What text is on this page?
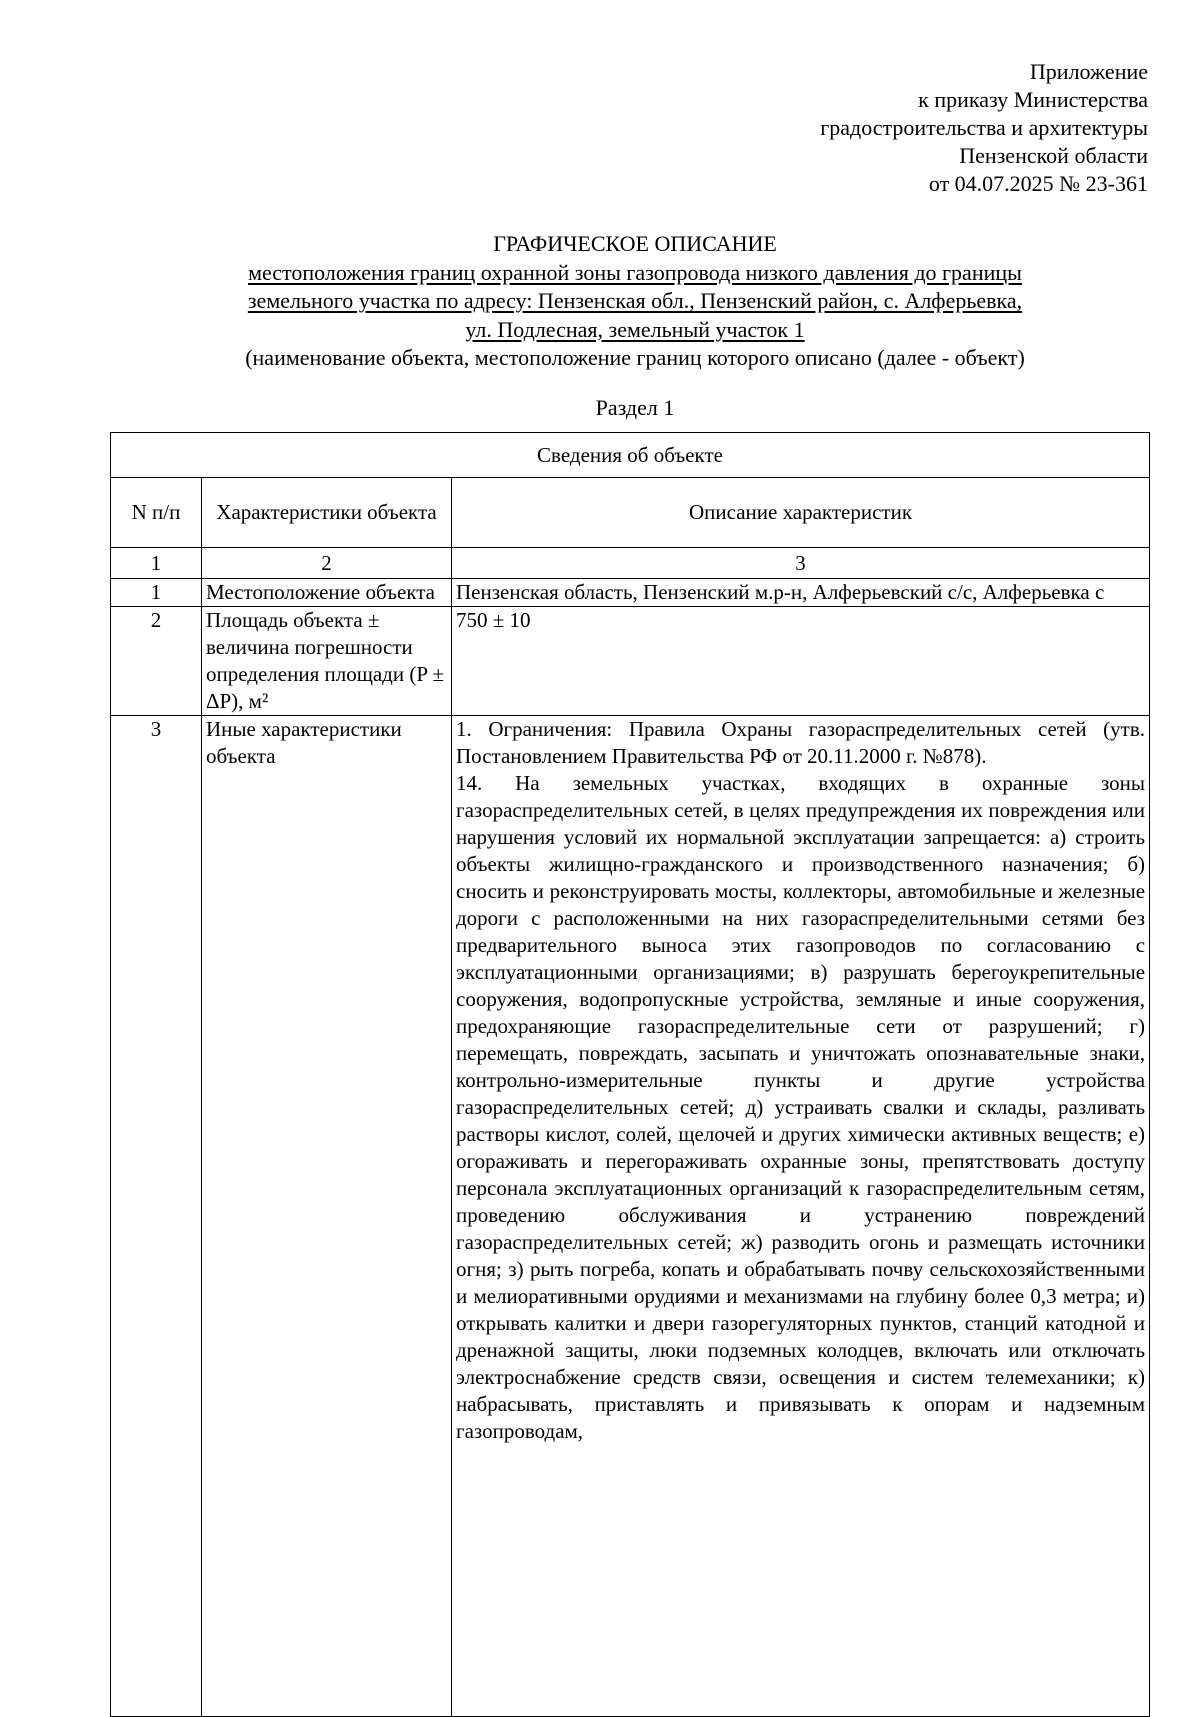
Приложение
к приказу Министерства
градостроительства и архитектуры
Пензенской области
от 04.07.2025 № 23-361
ГРАФИЧЕСКОЕ ОПИСАНИЕ
местоположения границ охранной зоны газопровода низкого давления до границы
земельного участка по адресу: Пензенская обл., Пензенский район, с. Алферьевка,
ул. Подлесная, земельный участок 1
(наименование объекта, местоположение границ которого описано (далее - объект)
Раздел 1
Сведения об объекте		
N п/п	Характеристики объекта	Описание характеристик
1	2	3
1	Местоположение объекта	Пензенская область, Пензенский м.р-н, Алферьевский с/с, Алферьевка с
2	Площадь объекта ± величина погрешности определения площади (P ± ΔP), м²	750 ± 10
3	Иные характеристики объекта	1. Ограничения: Правила Охраны газораспределительных сетей (утв. Постановлением Правительства РФ от 20.11.2000 г. №878).

14. На земельных участках, входящих в охранные зоны газораспределительных сетей, в целях предупреждения их повреждения или нарушения условий их нормальной эксплуатации запрещается: а) строить объекты жилищно-гражданского и производственного назначения; б) сносить и реконструировать мосты, коллекторы, автомобильные и железные дороги с расположенными на них газораспределительными сетями без предварительного выноса этих газопроводов по согласованию с эксплуатационными организациями; в) разрушать берегоукрепительные сооружения, водопропускные устройства, земляные и иные сооружения, предохраняющие газораспределительные сети от разрушений; г) перемещать, повреждать, засыпать и уничтожать опознавательные знаки, контрольно-измерительные пункты и другие устройства газораспределительных сетей; д) устраивать свалки и склады, разливать растворы кислот, солей, щелочей и других химически активных веществ; е) огораживать и перегораживать охранные зоны, препятствовать доступу персонала эксплуатационных организаций к газораспределительным сетям, проведению обслуживания и устранению повреждений газораспределительных сетей; ж) разводить огонь и размещать источники огня; з) рыть погреба, копать и обрабатывать почву сельскохозяйственными и мелиоративными орудиями и механизмами на глубину более 0,3 метра; и) открывать калитки и двери газорегуляторных пунктов, станций катодной и дренажной защиты, люки подземных колодцев, включать или отключать электроснабжение средств связи, освещения и систем телемеханики; к) набрасывать, приставлять и привязывать к опорам и надземным газопроводам,
